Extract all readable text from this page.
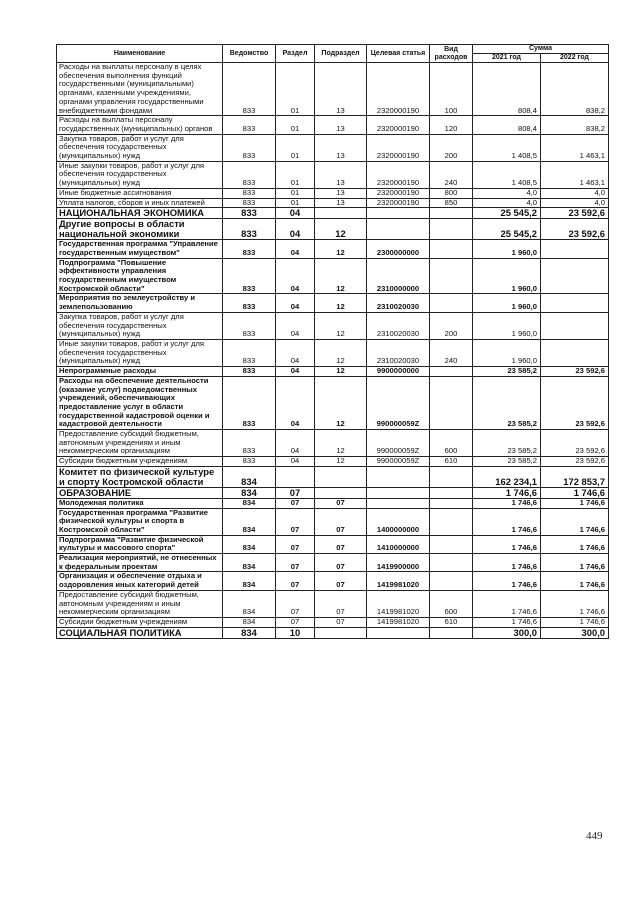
Наименование	Ведомство	Раздел	Подраздел	Целевая статья	Вид расходов	Сумма	
						2021 год	2022 год
Расходы на выплаты персоналу в целях обеспечения выполнения функций государственными (муниципальными) органами, казенными учреждениями, органами управления государственными внебюджетными фондами	833	01	13	2320000190	100	808,4	838,2
Расходы на выплаты персоналу государственных (муниципальных) органов	833	01	13	2320000190	120	808,4	838,2
Закупка товаров, работ и услуг для обеспечения государственных (муниципальных) нужд	833	01	13	2320000190	200	1 408,5	1 463,1
Иные закупки товаров, работ и услуг для обеспечения государственных (муниципальных) нужд	833	01	13	2320000190	240	1 408,5	1 463,1
Иные бюджетные ассигнования	833	01	13	2320000190	800	4,0	4,0
Уплата налогов, сборов и иных платежей	833	01	13	2320000190	850	4,0	4,0
НАЦИОНАЛЬНАЯ ЭКОНОМИКА	833	04				25 545,2	23 592,6
Другие вопросы в области национальной экономики	833	04	12			25 545,2	23 592,6
Государственная программа "Управление государственным имуществом"	833	04	12	2300000000		1 960,0	
Подпрограмма "Повышение эффективности управления государственным имуществом Костромской области"	833	04	12	2310000000		1 960,0	
Мероприятия по землеустройству и землепользованию	833	04	12	2310020030		1 960,0	
Закупка товаров, работ и услуг для обеспечения государственных (муниципальных) нужд	833	04	12	2310020030	200	1 960,0	
Иные закупки товаров, работ и услуг для обеспечения государственных (муниципальных) нужд	833	04	12	2310020030	240	1 960,0	
Непрограммные расходы	833	04	12	9900000000		23 585,2	23 592,6
Расходы на обеспечение деятельности (оказание услуг) подведомственных учреждений, обеспечивающих предоставление услуг в области государственной кадастровой оценки и кадастровой деятельности	833	04	12	990000059Z		23 585,2	23 592,6
Предоставление субсидий бюджетным, автономным учреждениям и иным некоммерческим организациям	833	04	12	990000059Z	600	23 585,2	23 592,6
Субсидии бюджетным учреждениям	833	04	12	990000059Z	610	23 585,2	23 592,6
Комитет по физической культуре и спорту Костромской области	834					162 234,1	172 853,7
ОБРАЗОВАНИЕ	834	07				1 746,6	1 746,6
Молодежная политика	834	07	07			1 746,6	1 746,6
Государственная программа "Развитие физической культуры и спорта в Костромской области"	834	07	07	1400000000		1 746,6	1 746,6
Подпрограмма "Развитие физической культуры и массового спорта"	834	07	07	1410000000		1 746,6	1 746,6
Реализация мероприятий, не отнесенных к федеральным проектам	834	07	07	1419900000		1 746,6	1 746,6
Организация и обеспечение отдыха и оздоровления иных категорий детей	834	07	07	1419981020		1 746,6	1 746,6
Предоставление субсидий бюджетным, автономным учреждениям и иным некоммерческим организациям	834	07	07	1419981020	600	1 746,6	1 746,6
Субсидии бюджетным учреждениям	834	07	07	1419981020	610	1 746,6	1 746,6
СОЦИАЛЬНАЯ ПОЛИТИКА	834	10				300,0	300,0
449
